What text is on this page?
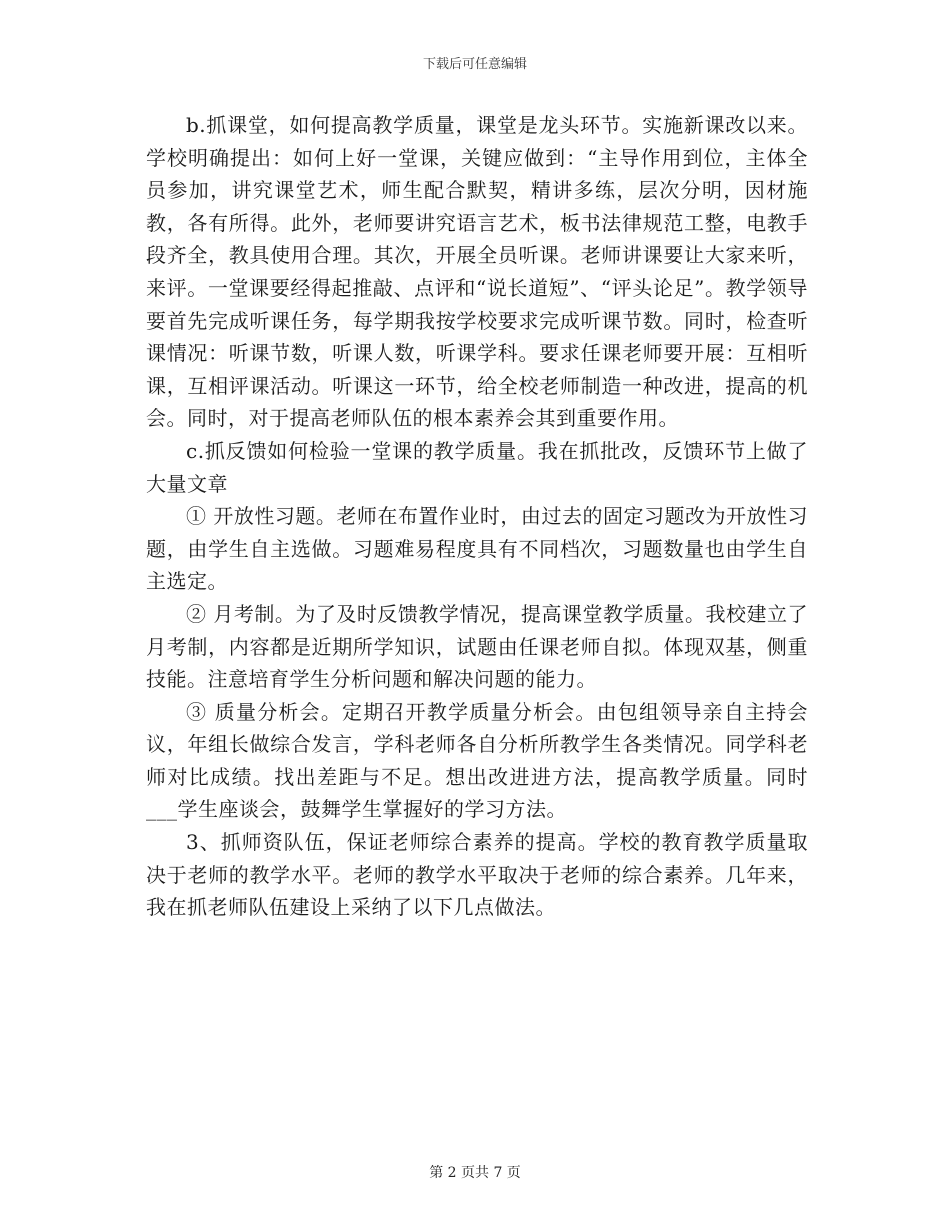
下载后可任意编辑

b.抓课堂，如何提高教学质量，课堂是龙头环节。实施新课改以来。学校明确提出：如何上好一堂课，关键应做到：“主导作用到位，主体全员参加，讲究课堂艺术，师生配合默契，精讲多练，层次分明，因材施教，各有所得。此外，老师要讲究语言艺术，板书法律规范工整，电教手段齐全，教具使用合理。其次，开展全员听课。老师讲课要让大家来听，来评。一堂课要经得起推敲、点评和“说长道短”、“评头论足”。教学领导要首先完成听课任务，每学期我按学校要求完成听课节数。同时，检查听课情况：听课节数，听课人数，听课学科。要求任课老师要开展：互相听课，互相评课活动。听课这一环节，给全校老师制造一种改进，提高的机会。同时，对于提高老师队伍的根本素养会其到重要作用。

c.抓反馈如何检验一堂课的教学质量。我在抓批改，反馈环节上做了大量文章

① 开放性习题。老师在布置作业时，由过去的固定习题改为开放性习题，由学生自主选做。习题难易程度具有不同档次，习题数量也由学生自主选定。

② 月考制。为了及时反馈教学情况，提高课堂教学质量。我校建立了月考制，内容都是近期所学知识，试题由任课老师自拟。体现双基，侧重技能。注意培育学生分析问题和解决问题的能力。

③ 质量分析会。定期召开教学质量分析会。由包组领导亲自主持会议，年组长做综合发言，学科老师各自分析所教学生各类情况。同学科老师对比成绩。找出差距与不足。想出改进进方法，提高教学质量。同时___学生座谈会，鼓舞学生掌握好的学习方法。

3、抓师资队伍，保证老师综合素养的提高。学校的教育教学质量取决于老师的教学水平。老师的教学水平取决于老师的综合素养。几年来，我在抓老师队伍建设上采纳了以下几点做法。

第 2 页共 7 页
